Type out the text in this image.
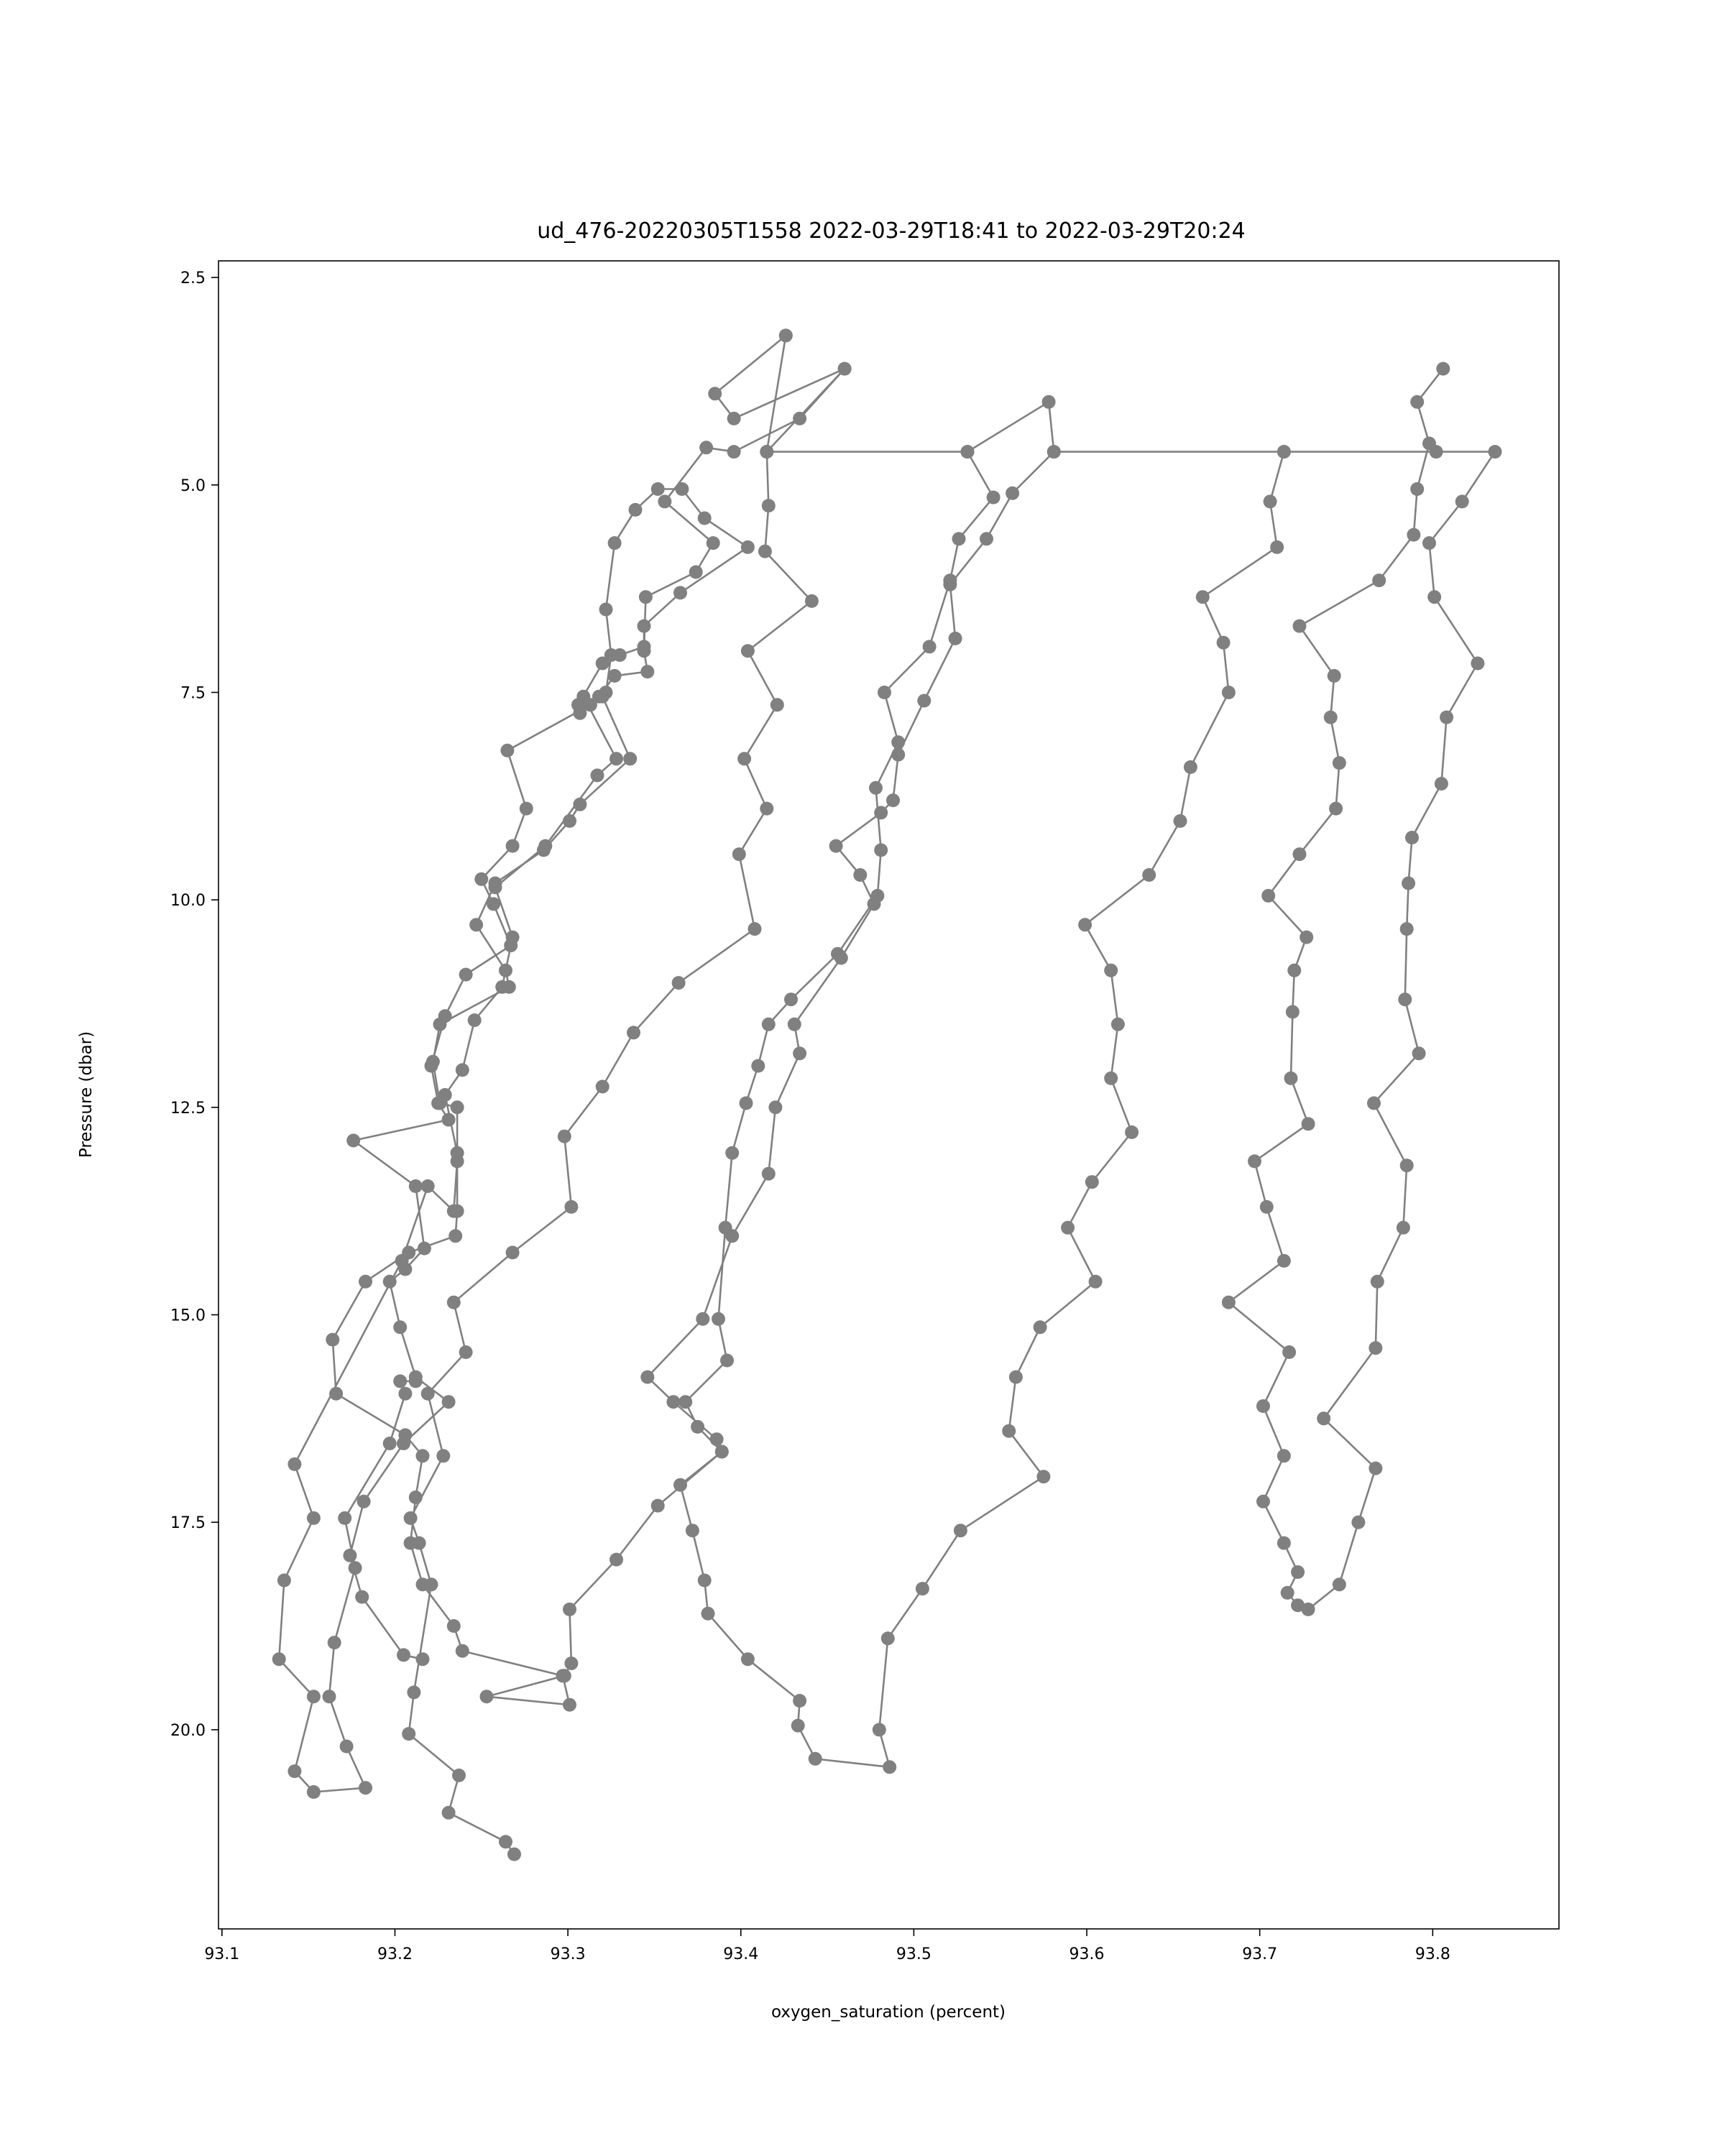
ud_476-20220305T1558 2022-03-29T18:41 to 2022-03-29T20:24
93.1	93.2	93.3	93.4	93.5	93.6	93.7	93.8
2.5
5.0
7.5
10.0
12.5
15.0
17.5
20.0
oxygen_saturation (percent)
Pressure (dbar)
